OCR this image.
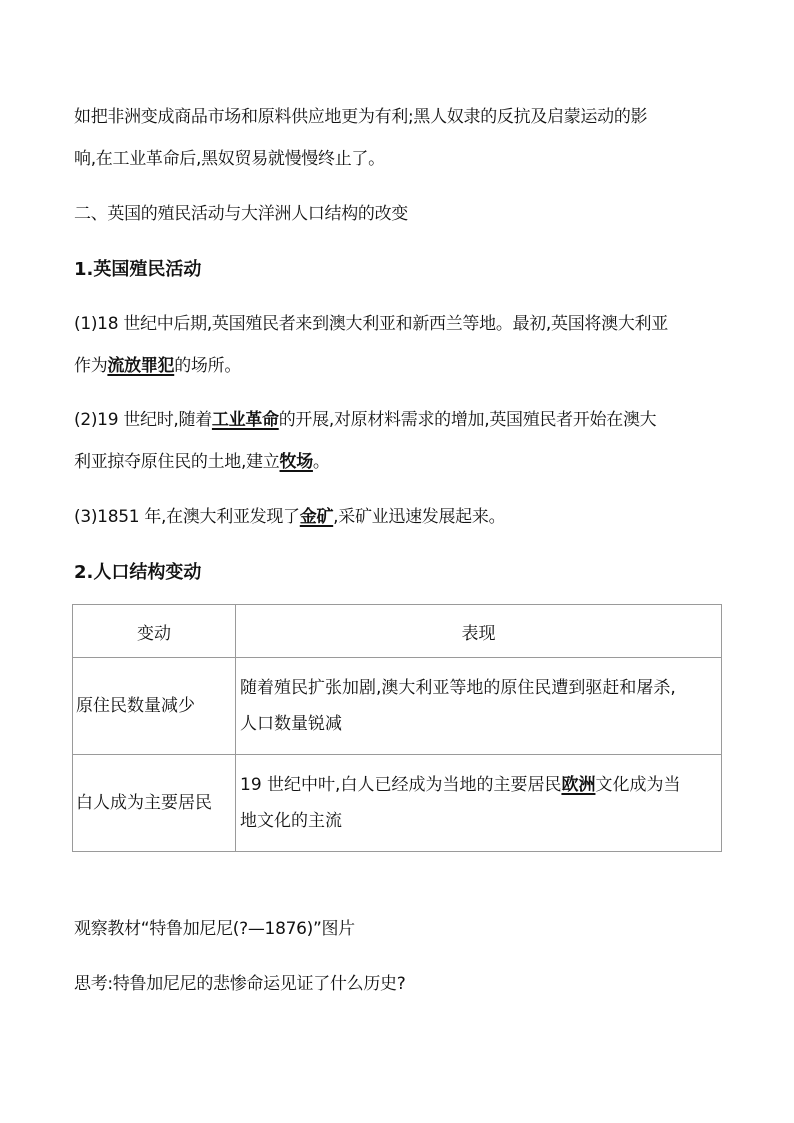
如把非洲变成商品市场和原料供应地更为有利;黑人奴隶的反抗及启蒙运动的影
响,在工业革命后,黑奴贸易就慢慢终止了。
二、英国的殖民活动与大洋洲人口结构的改变
1.英国殖民活动
(1)18 世纪中后期,英国殖民者来到澳大利亚和新西兰等地。最初,英国将澳大利亚
作为流放罪犯的场所。
(2)19 世纪时,随着工业革命的开展,对原材料需求的增加,英国殖民者开始在澳大
利亚掠夺原住民的土地,建立牧场。
(3)1851 年,在澳大利亚发现了金矿,采矿业迅速发展起来。
2.人口结构变动
变动	表现
原住民数量减少	随着殖民扩张加剧,澳大利亚等地的原住民遭到驱赶和屠杀,
人口数量锐减

白人成为主要居民	19 世纪中叶,白人已经成为当地的主要居民欧洲文化成为当
地文化的主流
观察教材“特鲁加尼尼(?—1876)”图片
思考:特鲁加尼尼的悲惨命运见证了什么历史?
